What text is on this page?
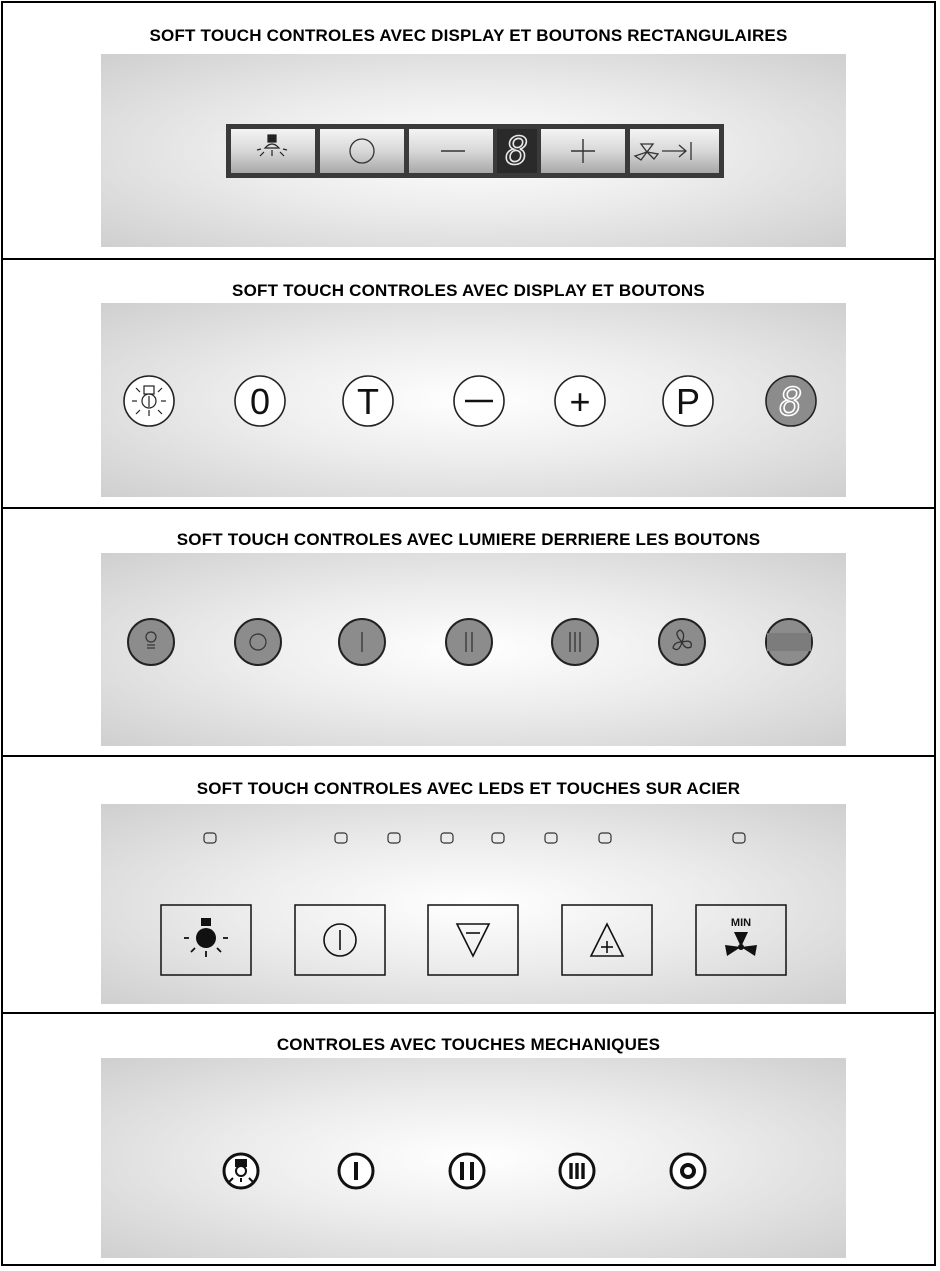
SOFT TOUCH CONTROLES AVEC DISPLAY ET BOUTONS RECTANGULAIRES
8
SOFT TOUCH CONTROLES AVEC DISPLAY ET BOUTONS
0 T	+ P 8
SOFT TOUCH CONTROLES AVEC LUMIERE DERRIERE LES BOUTONS
SOFT TOUCH CONTROLES AVEC LEDS ET TOUCHES SUR ACIER
MIN
CONTROLES AVEC TOUCHES MECHANIQUES
